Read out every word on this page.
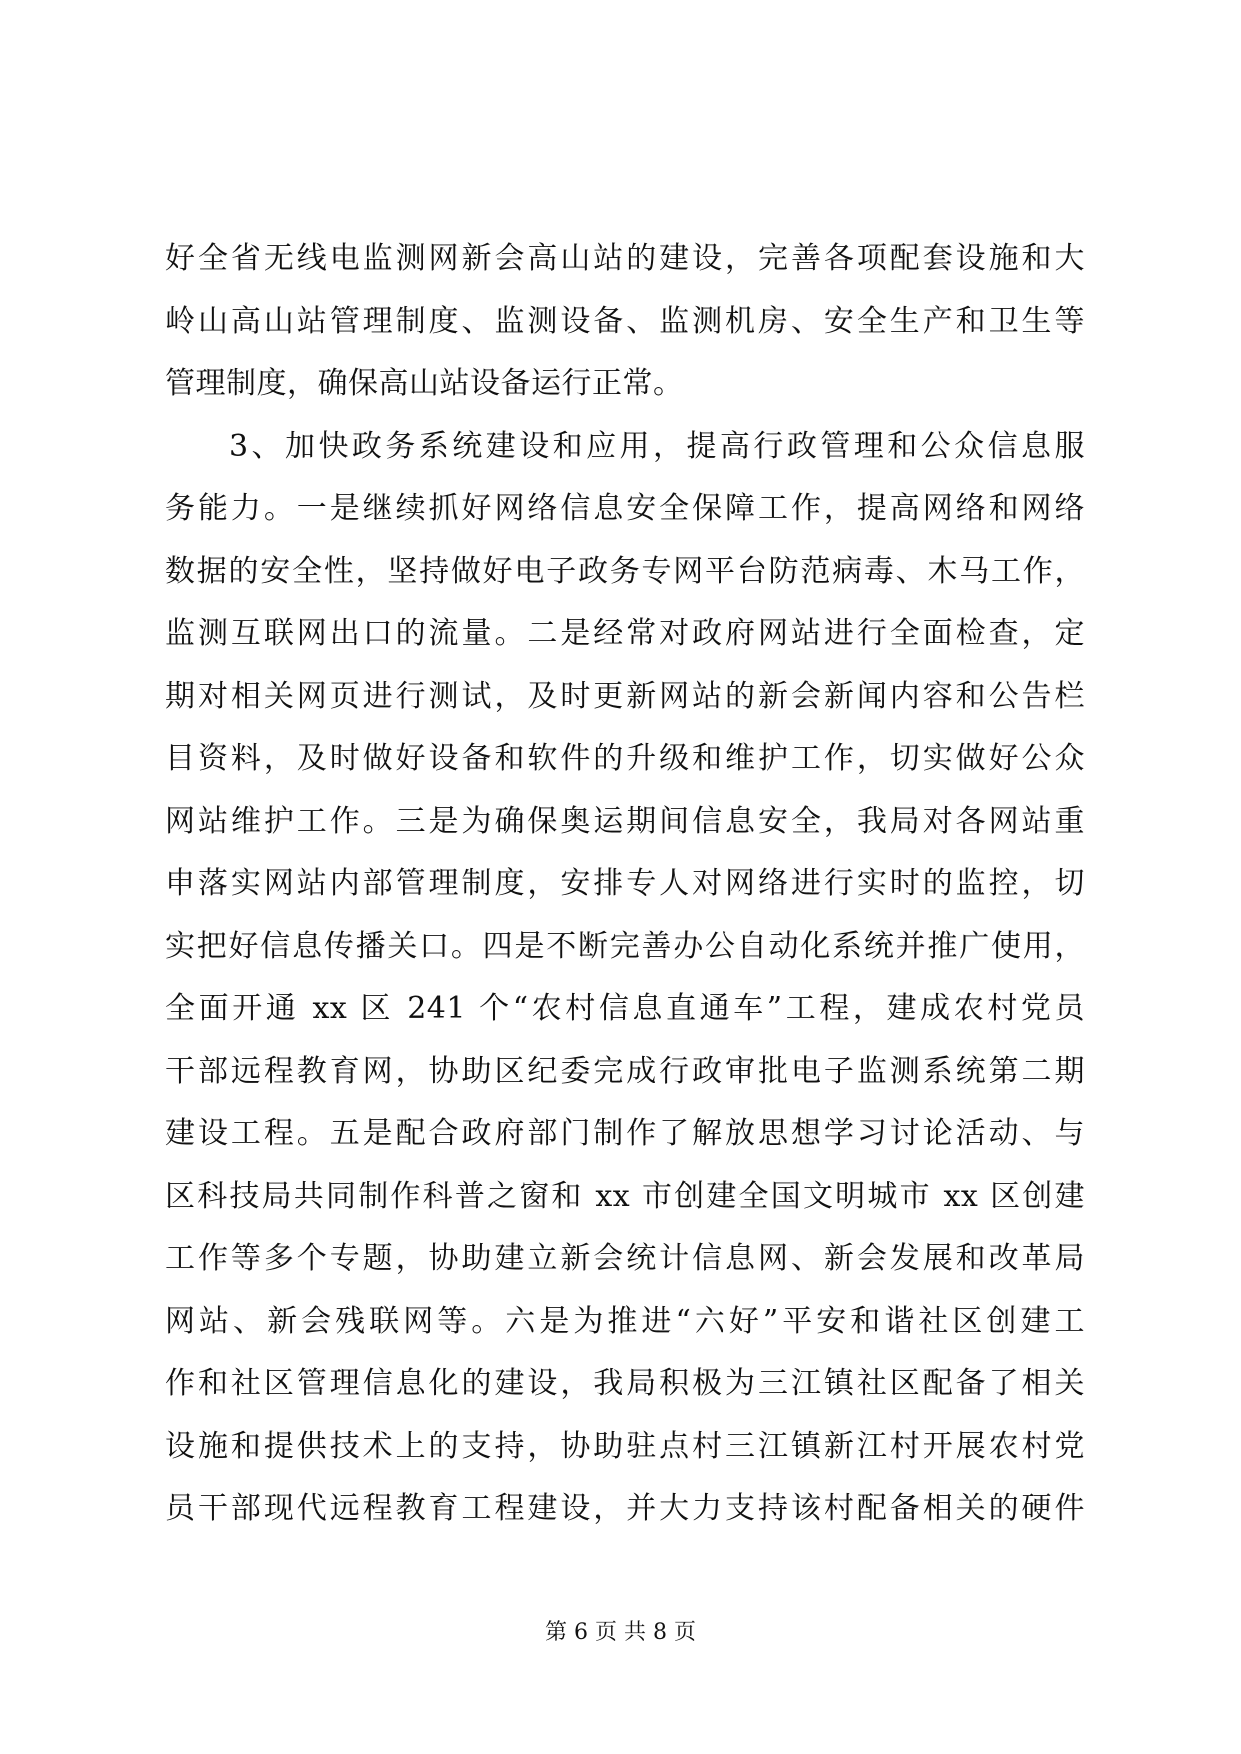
好全省无线电监测网新会高山站的建设，完善各项配套设施和大
岭山高山站管理制度、监测设备、监测机房、安全生产和卫生等
管理制度，确保高山站设备运行正常。
3、加快政务系统建设和应用，提高行政管理和公众信息服
务能力。一是继续抓好网络信息安全保障工作，提高网络和网络
数据的安全性，坚持做好电子政务专网平台防范病毒、木马工作，
监测互联网出口的流量。二是经常对政府网站进行全面检查，定
期对相关网页进行测试，及时更新网站的新会新闻内容和公告栏
目资料，及时做好设备和软件的升级和维护工作，切实做好公众
网站维护工作。三是为确保奥运期间信息安全，我局对各网站重
申落实网站内部管理制度，安排专人对网络进行实时的监控，切
实把好信息传播关口。四是不断完善办公自动化系统并推广使用，
全面开通 xx 区 241 个“农村信息直通车”工程，建成农村党员
干部远程教育网，协助区纪委完成行政审批电子监测系统第二期
建设工程。五是配合政府部门制作了解放思想学习讨论活动、与
区科技局共同制作科普之窗和 xx 市创建全国文明城市 xx 区创建
工作等多个专题，协助建立新会统计信息网、新会发展和改革局
网站、新会残联网等。六是为推进“六好”平安和谐社区创建工
作和社区管理信息化的建设，我局积极为三江镇社区配备了相关
设施和提供技术上的支持，协助驻点村三江镇新江村开展农村党
员干部现代远程教育工程建设，并大力支持该村配备相关的硬件
第 6 页 共 8 页
